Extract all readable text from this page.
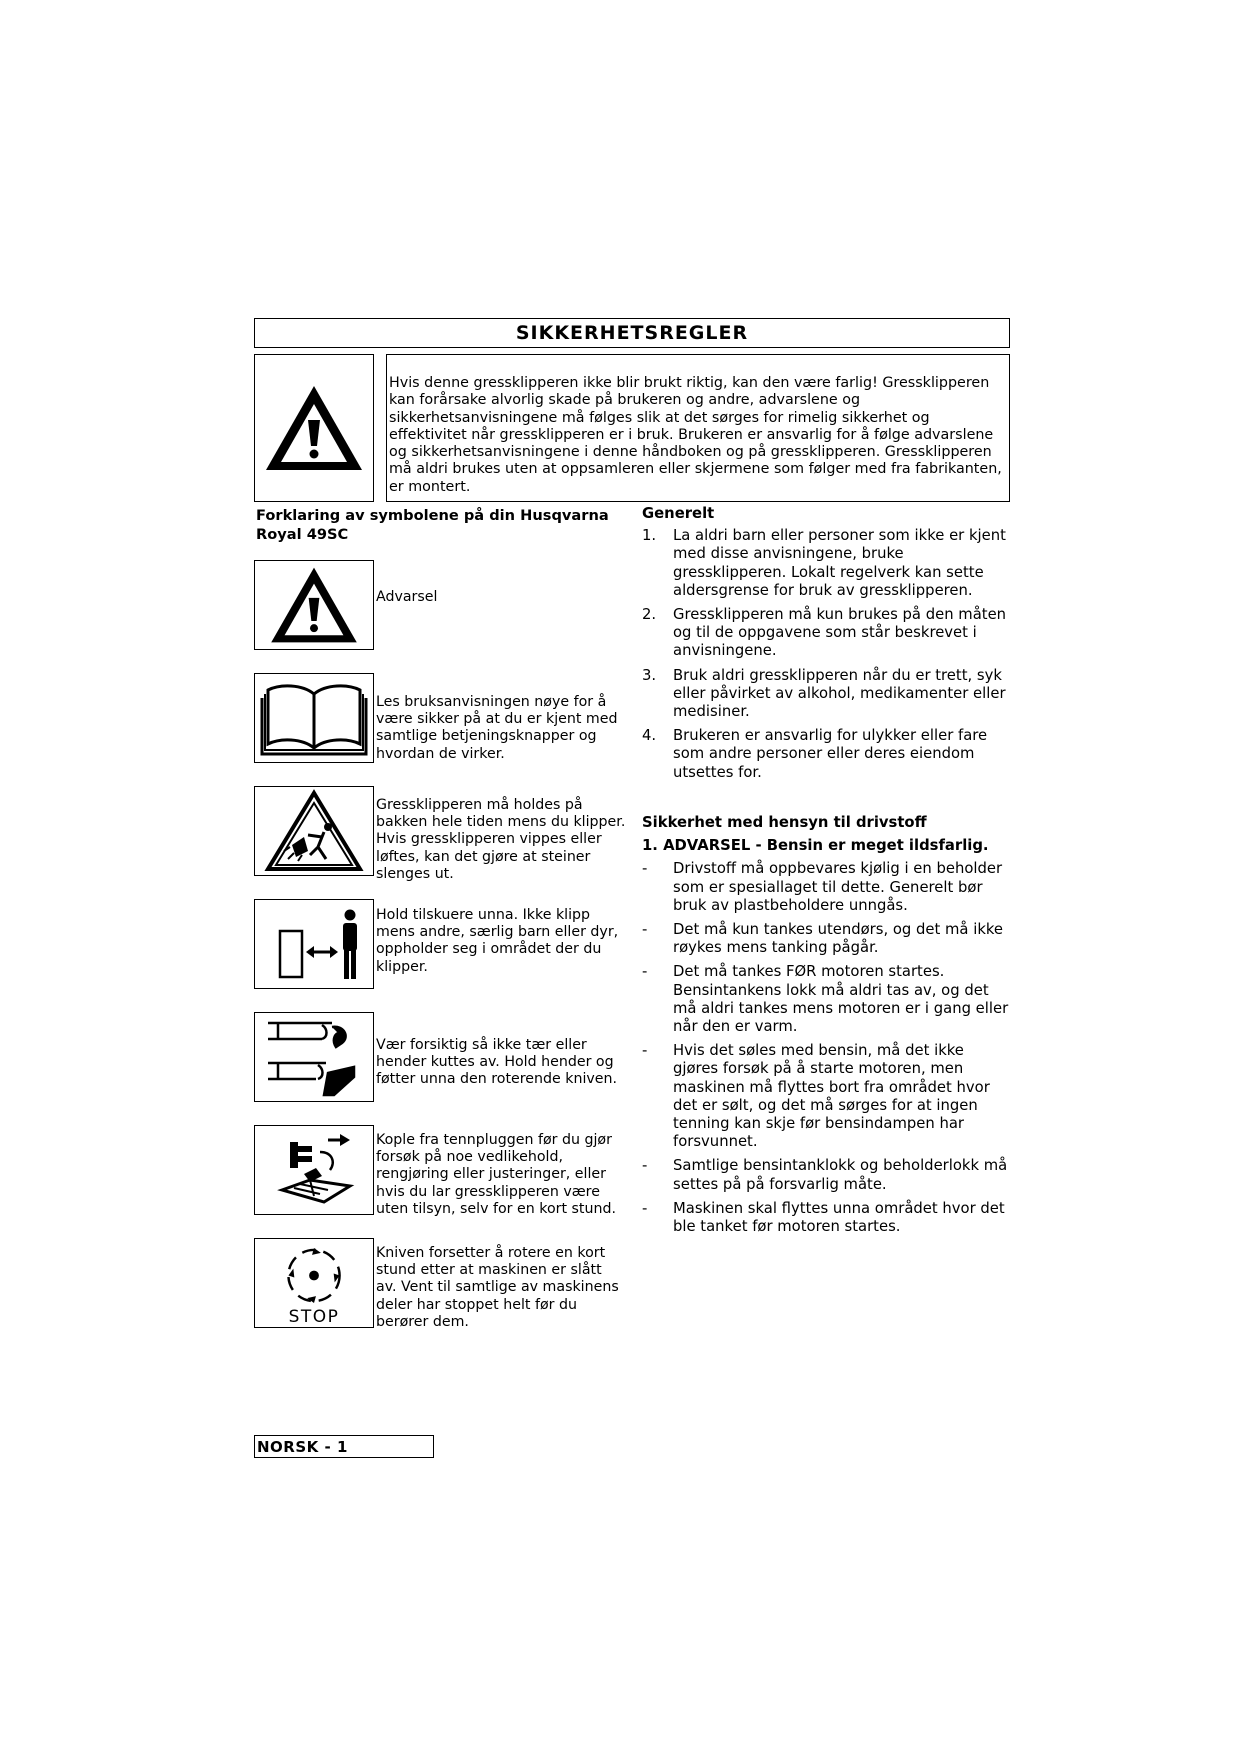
SIKKERHETSREGLER

Hvis denne gressklipperen ikke blir brukt riktig, kan den være farlig! Gressklipperen kan forårsake alvorlig skade på brukeren og andre, advarslene og sikkerhetsanvisningene må følges slik at det sørges for rimelig sikkerhet og effektivitet når gressklipperen er i bruk. Brukeren er ansvarlig for å følge advarslene og sikkerhetsanvisningene i denne håndboken og på gressklipperen. Gressklipperen må aldri brukes uten at oppsamleren eller skjermene som følger med fra fabrikanten, er montert.

Forklaring av symbolene på din Husqvarna Royal 49SC
Advarsel
Les bruksanvisningen nøye for å være sikker på at du er kjent med samtlige betjeningsknapper og hvordan de virker.
Gressklipperen må holdes på bakken hele tiden mens du klipper. Hvis gressklipperen vippes eller løftes, kan det gjøre at steiner slenges ut.
Hold tilskuere unna. Ikke klipp mens andre, særlig barn eller dyr, oppholder seg i området der du klipper.
Vær forsiktig så ikke tær eller hender kuttes av. Hold hender og føtter unna den roterende kniven.
Kople fra tennpluggen før du gjør forsøk på noe vedlikehold, rengjøring eller justeringer, eller hvis du lar gressklipperen være uten tilsyn, selv for en kort stund.
STOP
Kniven forsetter å rotere en kort stund etter at maskinen er slått av. Vent til samtlige av maskinens deler har stoppet helt før du berører dem.
Generelt
1. La aldri barn eller personer som ikke er kjent med disse anvisningene, bruke gressklipperen. Lokalt regelverk kan sette aldersgrense for bruk av gressklipperen.
2. Gressklipperen må kun brukes på den måten og til de oppgavene som står beskrevet i anvisningene.
3. Bruk aldri gressklipperen når du er trett, syk eller påvirket av alkohol, medikamenter eller medisiner.
4. Brukeren er ansvarlig for ulykker eller fare som andre personer eller deres eiendom utsettes for.
Sikkerhet med hensyn til drivstoff
1. ADVARSEL - Bensin er meget ildsfarlig.
- Drivstoff må oppbevares kjølig i en beholder som er spesiallaget til dette. Generelt bør bruk av plastbeholdere unngås.
- Det må kun tankes utendørs, og det må ikke røykes mens tanking pågår.
- Det må tankes FØR motoren startes. Bensintankens lokk må aldri tas av, og det må aldri tankes mens motoren er i gang eller når den er varm.
- Hvis det søles med bensin, må det ikke gjøres forsøk på å starte motoren, men maskinen må flyttes bort fra området hvor det er sølt, og det må sørges for at ingen tenning kan skje før bensindampen har forsvunnet.
- Samtlige bensintanklokk og beholderlokk må settes på på forsvarlig måte.
- Maskinen skal flyttes unna området hvor det ble tanket før motoren startes.
NORSK - 1
